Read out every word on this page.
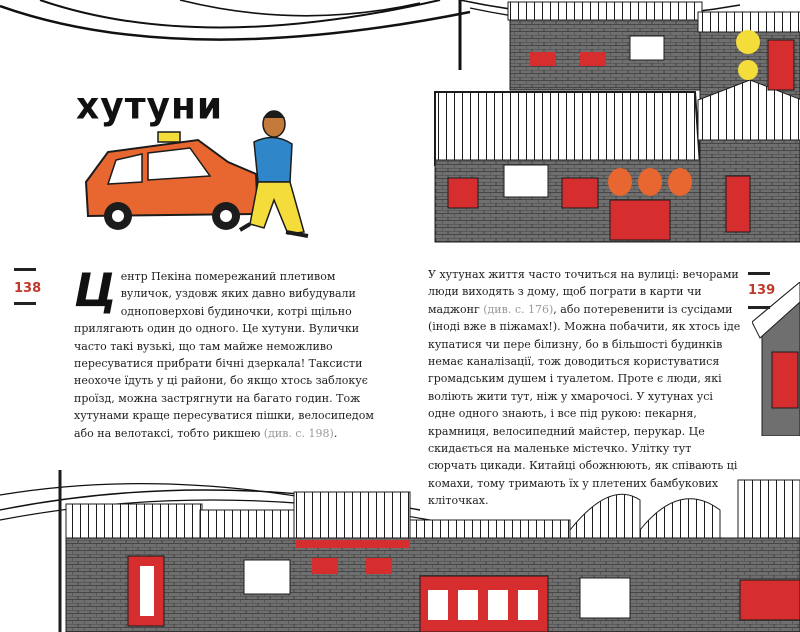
хутуни
138	139

Центр Пекіна померeжаний плетивом вуличок, уздовж яких давно вибудували одноповерхові будиночки, котрі щільно прилягають один до одного. Це хутуни. Вулички часто такі вузькі, що там майже неможливо пересуватися прибрати бічні дзеркала! Таксисти неохоче їдуть у ці райони, бо якщо хтось заблокує проїзд, можна застрягнути на багато годин. Тож хутунами краще пересуватися пішки, велосипедом або на велотаксі, тобто рикшею (див. с. 198).

У хутунах життя часто точиться на вулиці: вечорами люди виходять з дому, щоб пограти в карти чи маджонг (див. с. 176), або потеревенити із сусідами (іноді вже в піжамах!). Можна побачити, як хтось іде купатися чи пере білизну, бо в більшості будинків немає каналізації, тож доводиться користуватися громадським душем і туалетом. Проте є люди, які воліють жити тут, ніж у хмарочосі. У хутунах усі одне одного знають, і все під рукою: пекарня, крамниця, велосипедний майстер, перукар. Це скидається на маленьке містечко. Улітку тут сюрчать цикади. Китайці обожнюють, як співають ці комахи, тому тримають їх у плетених бамбукових кліточках.
